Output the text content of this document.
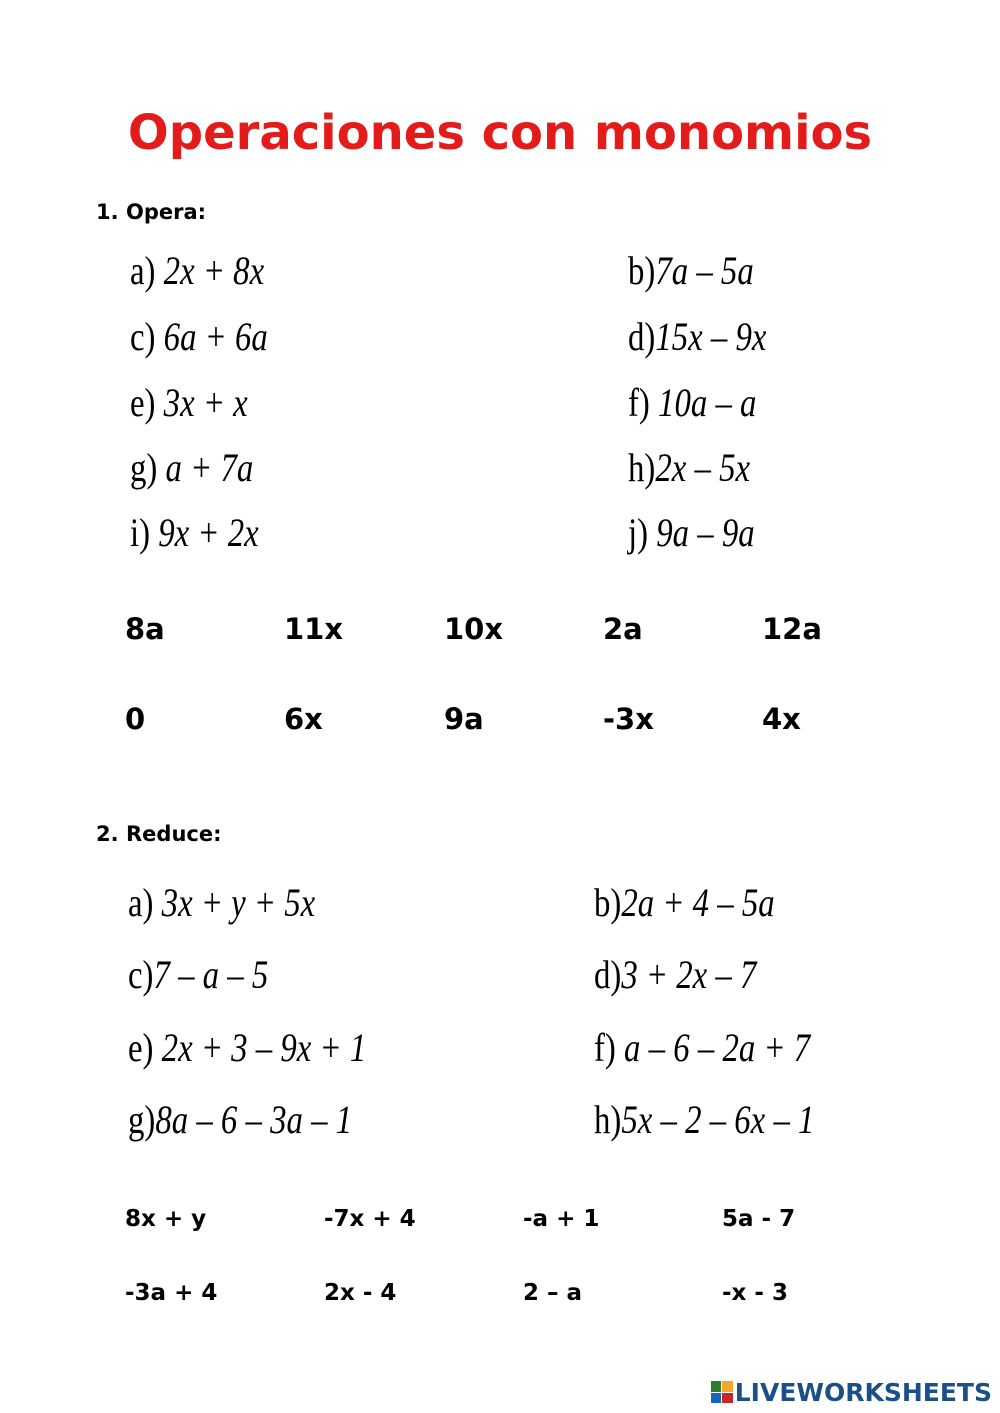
Operaciones con monomios
1. Opera:
a) 2x + 8x	b)7a – 5a
c) 6a + 6a	d)15x – 9x
e) 3x + x	f) 10a – a
g) a + 7a	h)2x – 5x
i) 9x + 2x	j) 9a – 9a
8a	11x	10x	2a	12a
0	6x	9a	-3x	4x
2. Reduce:
a) 3x + y + 5x	b)2a + 4 – 5a
c)7 – a – 5	d)3 + 2x – 7
e) 2x + 3 – 9x + 1	f) a – 6 – 2a + 7
g)8a – 6 – 3a – 1	h)5x – 2 – 6x – 1
8x + y	-7x + 4	-a + 1	5a - 7
-3a + 4	2x - 4	2 – a	-x - 3
LIVEWORKSHEETS
